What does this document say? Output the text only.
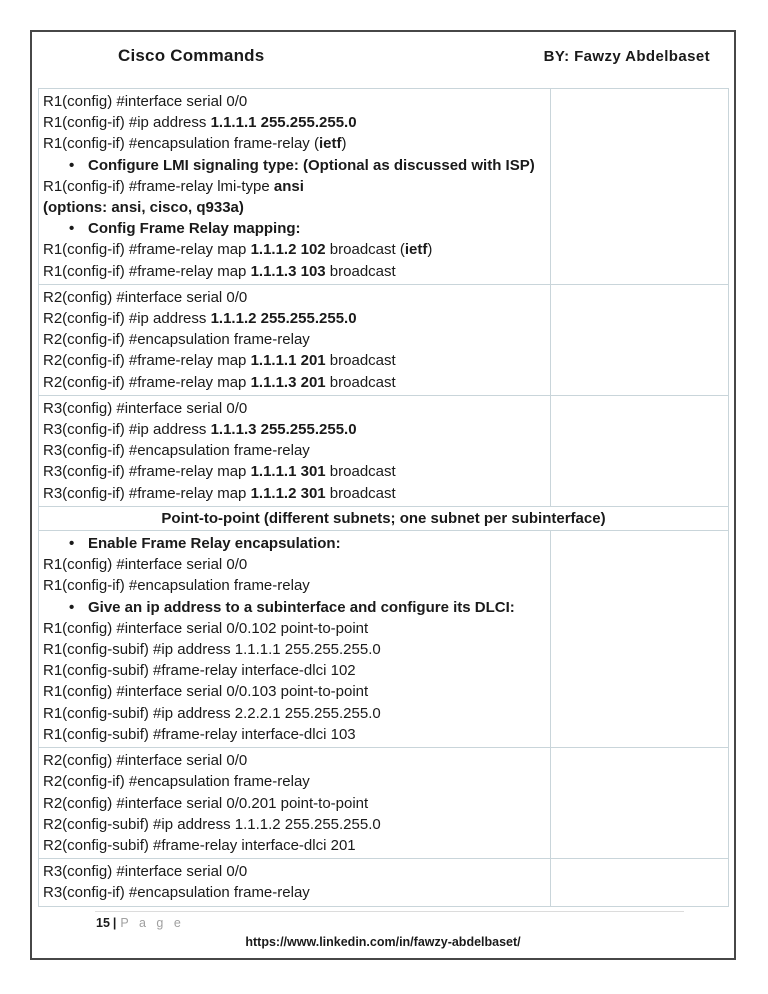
Cisco Commands	BY: Fawzy Abdelbaset
R1(config) #interface serial 0/0
R1(config-if) #ip address 1.1.1.1 255.255.255.0
R1(config-if) #encapsulation frame-relay (ietf)
• Configure LMI signaling type: (Optional as discussed with ISP)
R1(config-if) #frame-relay lmi-type ansi
(options: ansi, cisco, q933a)
• Config Frame Relay mapping:
R1(config-if) #frame-relay map 1.1.1.2 102 broadcast (ietf)
R1(config-if) #frame-relay map 1.1.1.3 103 broadcast
R2(config) #interface serial 0/0
R2(config-if) #ip address 1.1.1.2 255.255.255.0
R2(config-if) #encapsulation frame-relay
R2(config-if) #frame-relay map 1.1.1.1 201 broadcast
R2(config-if) #frame-relay map 1.1.1.3 201 broadcast
R3(config) #interface serial 0/0
R3(config-if) #ip address 1.1.1.3 255.255.255.0
R3(config-if) #encapsulation frame-relay
R3(config-if) #frame-relay map 1.1.1.1 301 broadcast
R3(config-if) #frame-relay map 1.1.1.2 301 broadcast
Point-to-point (different subnets; one subnet per subinterface)
• Enable Frame Relay encapsulation:
R1(config) #interface serial 0/0
R1(config-if) #encapsulation frame-relay
• Give an ip address to a subinterface and configure its DLCI:
R1(config) #interface serial 0/0.102 point-to-point
R1(config-subif) #ip address 1.1.1.1 255.255.255.0
R1(config-subif) #frame-relay interface-dlci 102
R1(config) #interface serial 0/0.103 point-to-point
R1(config-subif) #ip address 2.2.2.1 255.255.255.0
R1(config-subif) #frame-relay interface-dlci 103
R2(config) #interface serial 0/0
R2(config-if) #encapsulation frame-relay
R2(config) #interface serial 0/0.201 point-to-point
R2(config-subif) #ip address 1.1.1.2 255.255.255.0
R2(config-subif) #frame-relay interface-dlci 201
R3(config) #interface serial 0/0
R3(config-if) #encapsulation frame-relay
15 | P a g e
https://www.linkedin.com/in/fawzy-abdelbaset/
